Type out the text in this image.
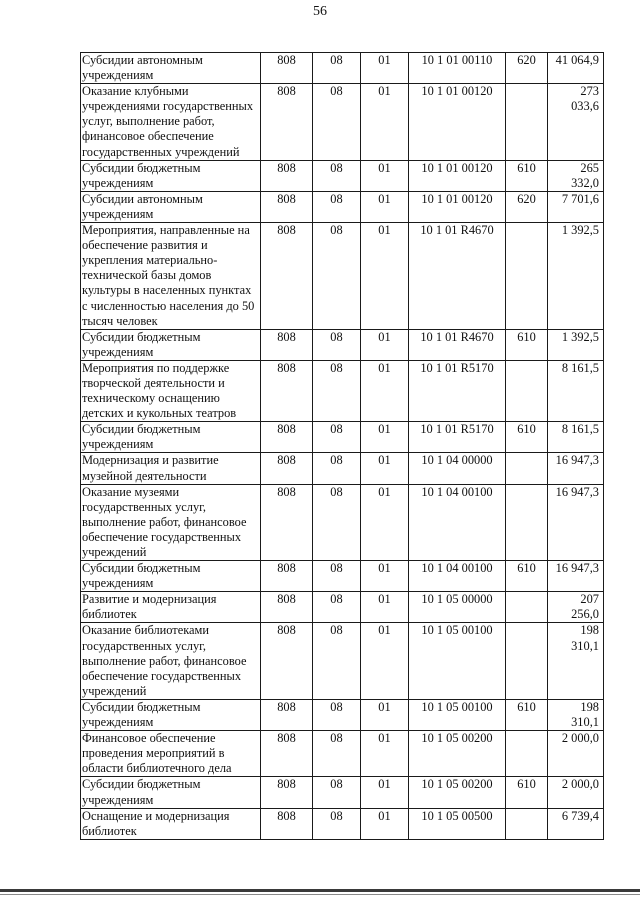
56
Субсидии автономным учреждениям	808	08	01	10 1 01 00110	620	41 064,9
Оказание клубными учреждениями государственных услуг, выполнение работ, финансовое обеспечение государственных учреждений	808	08	01	10 1 01 00120		273 033,6
Субсидии бюджетным учреждениям	808	08	01	10 1 01 00120	610	265 332,0
Субсидии автономным учреждениям	808	08	01	10 1 01 00120	620	7 701,6
Мероприятия, направленные на обеспечение развития и укрепления материально-технической базы домов культуры в населенных пунктах с численностью населения до 50 тысяч человек	808	08	01	10 1 01 R4670		1 392,5
Субсидии бюджетным учреждениям	808	08	01	10 1 01 R4670	610	1 392,5
Мероприятия по поддержке творческой деятельности и техническому оснащению детских и кукольных театров	808	08	01	10 1 01 R5170		8 161,5
Субсидии бюджетным учреждениям	808	08	01	10 1 01 R5170	610	8 161,5
Модернизация и развитие музейной деятельности	808	08	01	10 1 04 00000		16 947,3
Оказание музеями государственных услуг, выполнение работ, финансовое обеспечение государственных учреждений	808	08	01	10 1 04 00100		16 947,3
Субсидии бюджетным учреждениям	808	08	01	10 1 04 00100	610	16 947,3
Развитие и модернизация библиотек	808	08	01	10 1 05 00000		207 256,0
Оказание библиотеками государственных услуг, выполнение работ, финансовое обеспечение государственных учреждений	808	08	01	10 1 05 00100		198 310,1
Субсидии бюджетным учреждениям	808	08	01	10 1 05 00100	610	198 310,1
Финансовое обеспечение проведения мероприятий в области библиотечного дела	808	08	01	10 1 05 00200		2 000,0
Субсидии бюджетным учреждениям	808	08	01	10 1 05 00200	610	2 000,0
Оснащение и модернизация библиотек	808	08	01	10 1 05 00500		6 739,4
